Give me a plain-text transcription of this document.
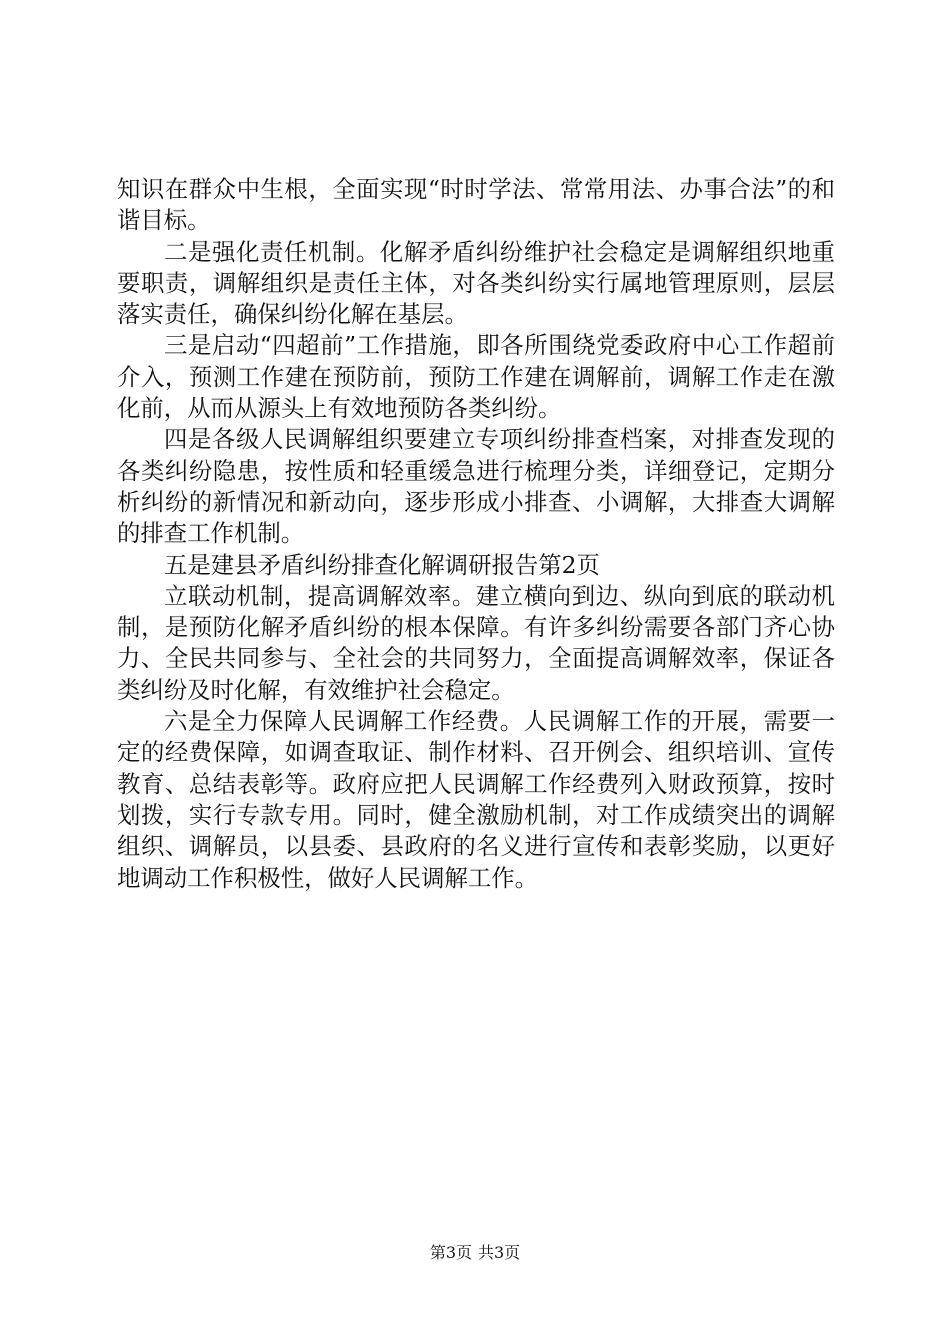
知识在群众中生根，全面实现“时时学法、常常用法、办事合法”的和谐目标。

二是强化责任机制。化解矛盾纠纷维护社会稳定是调解组织地重要职责，调解组织是责任主体，对各类纠纷实行属地管理原则，层层落实责任，确保纠纷化解在基层。

三是启动“四超前”工作措施，即各所围绕党委政府中心工作超前介入，预测工作建在预防前，预防工作建在调解前，调解工作走在激化前，从而从源头上有效地预防各类纠纷。

四是各级人民调解组织要建立专项纠纷排查档案，对排查发现的各类纠纷隐患，按性质和轻重缓急进行梳理分类，详细登记，定期分析纠纷的新情况和新动向，逐步形成小排查、小调解，大排查大调解的排查工作机制。

五是建县矛盾纠纷排查化解调研报告第2页

立联动机制，提高调解效率。建立横向到边、纵向到底的联动机制，是预防化解矛盾纠纷的根本保障。有许多纠纷需要各部门齐心协力、全民共同参与、全社会的共同努力，全面提高调解效率，保证各类纠纷及时化解，有效维护社会稳定。

六是全力保障人民调解工作经费。人民调解工作的开展，需要一定的经费保障，如调查取证、制作材料、召开例会、组织培训、宣传教育、总结表彰等。政府应把人民调解工作经费列入财政预算，按时划拨，实行专款专用。同时，健全激励机制，对工作成绩突出的调解组织、调解员，以县委、县政府的名义进行宣传和表彰奖励，以更好地调动工作积极性，做好人民调解工作。

第3页 共3页
